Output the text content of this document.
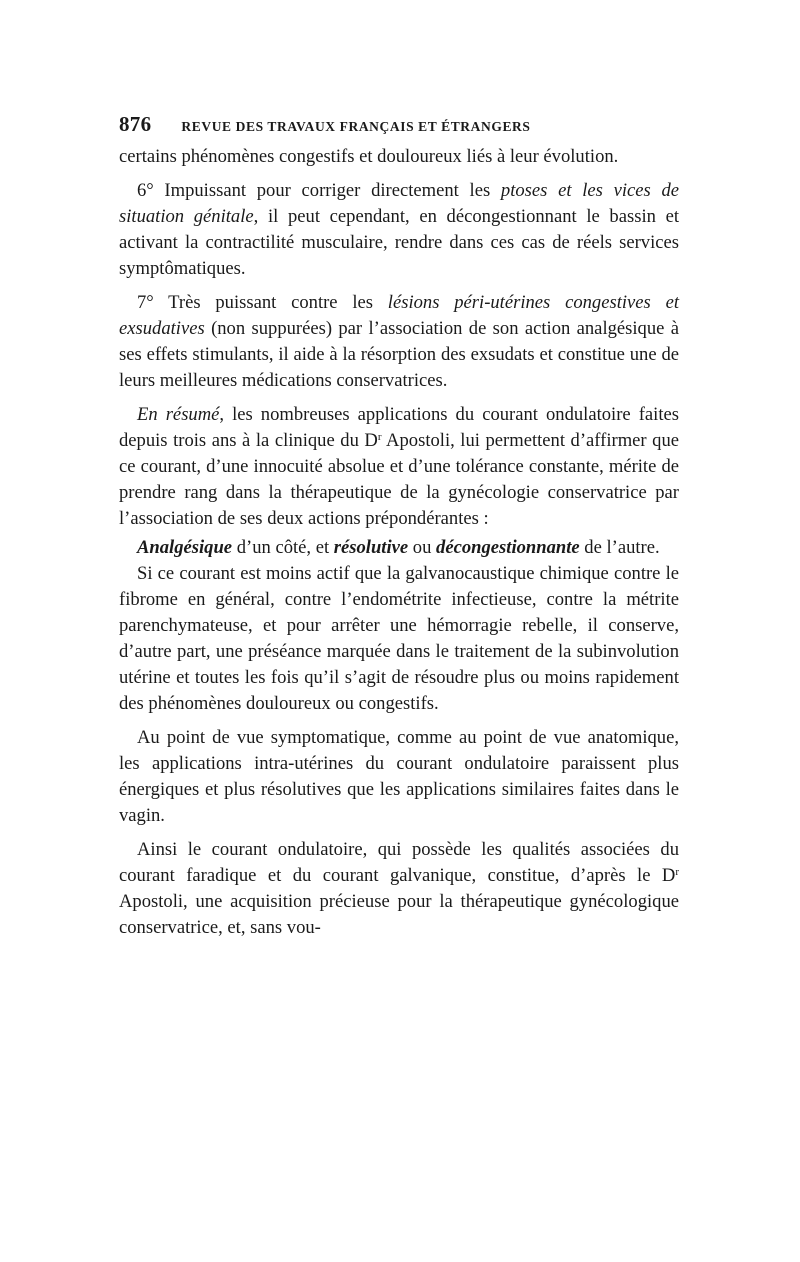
876 REVUE DES TRAVAUX FRANÇAIS ET ÉTRANGERS

certains phénomènes congestifs et douloureux liés à leur évolution.

6° Impuissant pour corriger directement les ptoses et les vices de situation génitale, il peut cependant, en décongestionnant le bassin et activant la contractilité musculaire, rendre dans ces cas de réels services symptômatiques.

7° Très puissant contre les lésions péri-utérines congestives et exsudatives (non suppurées) par l’association de son action analgésique à ses effets stimulants, il aide à la résorption des exsudats et constitue une de leurs meilleures médications conservatrices.

En résumé, les nombreuses applications du courant ondulatoire faites depuis trois ans à la clinique du $D^r$ Apostoli, lui permettent d’affirmer que ce courant, d’une innocuité absolue et d’une tolérance constante, mérite de prendre rang dans la thérapeutique de la gynécologie conservatrice par l’association de ses deux actions prépondérantes :

Analgésique d’un côté, et résolutive ou décongestionnante de l’autre.

Si ce courant est moins actif que la galvanocaustique chimique contre le fibrome en général, contre l’endométrite infectieuse, contre la métrite parenchymateuse, et pour arrêter une hémorragie rebelle, il conserve, d’autre part, une préséance marquée dans le traitement de la subinvolution utérine et toutes les fois qu’il s’agit de résoudre plus ou moins rapidement des phénomènes douloureux ou congestifs.

Au point de vue symptomatique, comme au point de vue anatomique, les applications intra-utérines du courant ondulatoire paraissent plus énergiques et plus résolutives que les applications similaires faites dans le vagin.

Ainsi le courant ondulatoire, qui possède les qualités associées du courant faradique et du courant galvanique, constitue, d’après le $D^r$ Apostoli, une acquisition précieuse pour la thérapeutique gynécologique conservatrice, et, sans vou-
